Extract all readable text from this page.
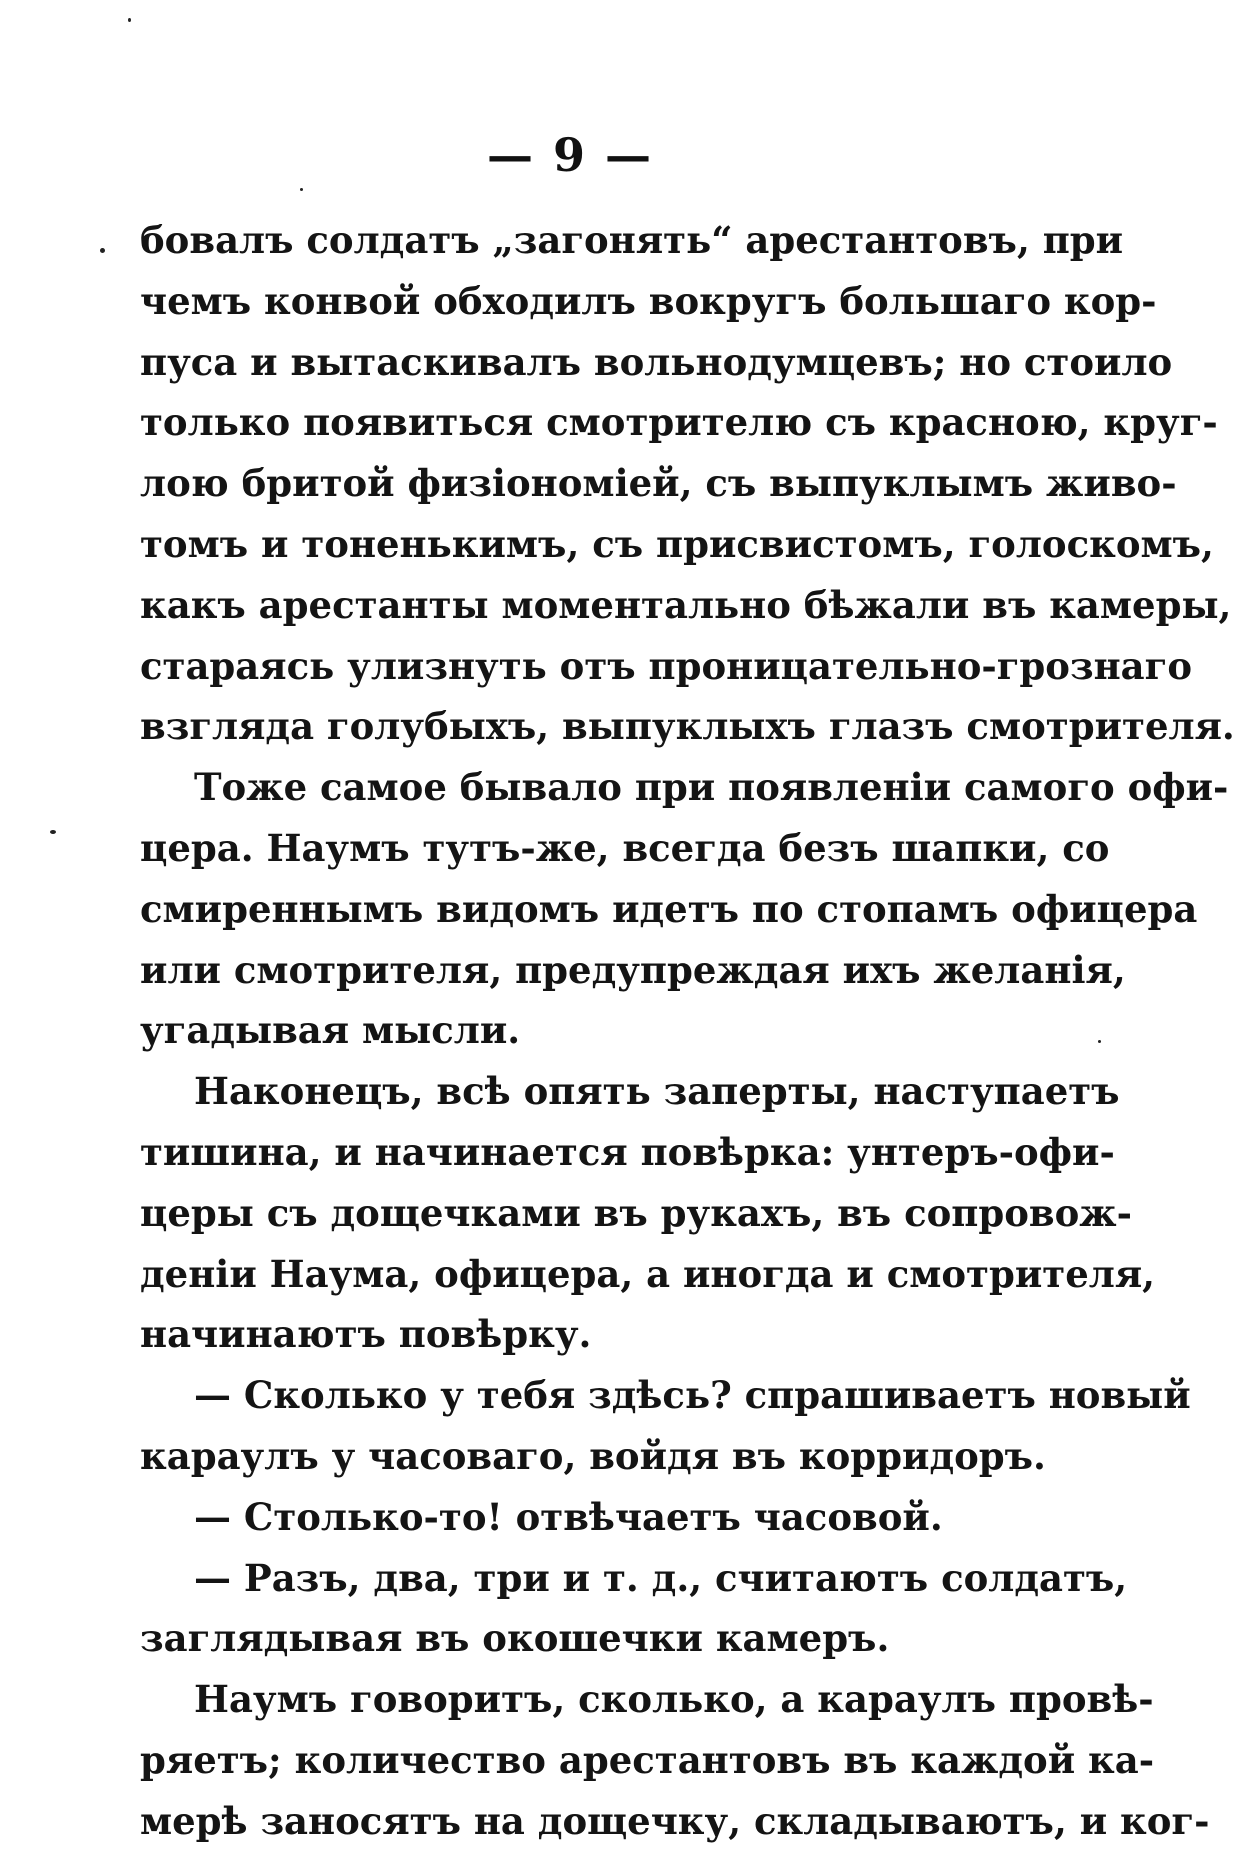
— 9 —
бовалъ солдатъ „загонять“ арестантовъ, при
чемъ конвой обходилъ вокругъ большаго кор-
пуса и вытаскивалъ вольнодумцевъ; но стоило
только появиться смотрителю съ красною, круг-
лою бритой физіономіей, съ выпуклымъ живо-
томъ и тоненькимъ, съ присвистомъ, голоскомъ,
какъ арестанты моментально бѣжали въ камеры,
стараясь улизнуть отъ проницательно-грознаго
взгляда голубыхъ, выпуклыхъ глазъ смотрителя.
Тоже самое бывало при появленіи самого офи-
цера. Наумъ тутъ-же, всегда безъ шапки, со
смиреннымъ видомъ идетъ по стопамъ офицера
или смотрителя, предупреждая ихъ желанія,
угадывая мысли.
Наконецъ, всѣ опять заперты, наступаетъ
тишина, и начинается повѣрка: унтеръ-офи-
церы съ дощечками въ рукахъ, въ сопровож-
деніи Наума, офицера, а иногда и смотрителя,
начинаютъ повѣрку.
— Сколько у тебя здѣсь? спрашиваетъ новый
караулъ у часоваго, войдя въ корридоръ.
— Столько-то! отвѣчаетъ часовой.
— Разъ, два, три и т. д., считаютъ солдатъ,
заглядывая въ окошечки камеръ.
Наумъ говоритъ, сколько, а караулъ провѣ-
ряетъ; количество арестантовъ въ каждой ка-
мерѣ заносятъ на дощечку, складываютъ, и ког-
